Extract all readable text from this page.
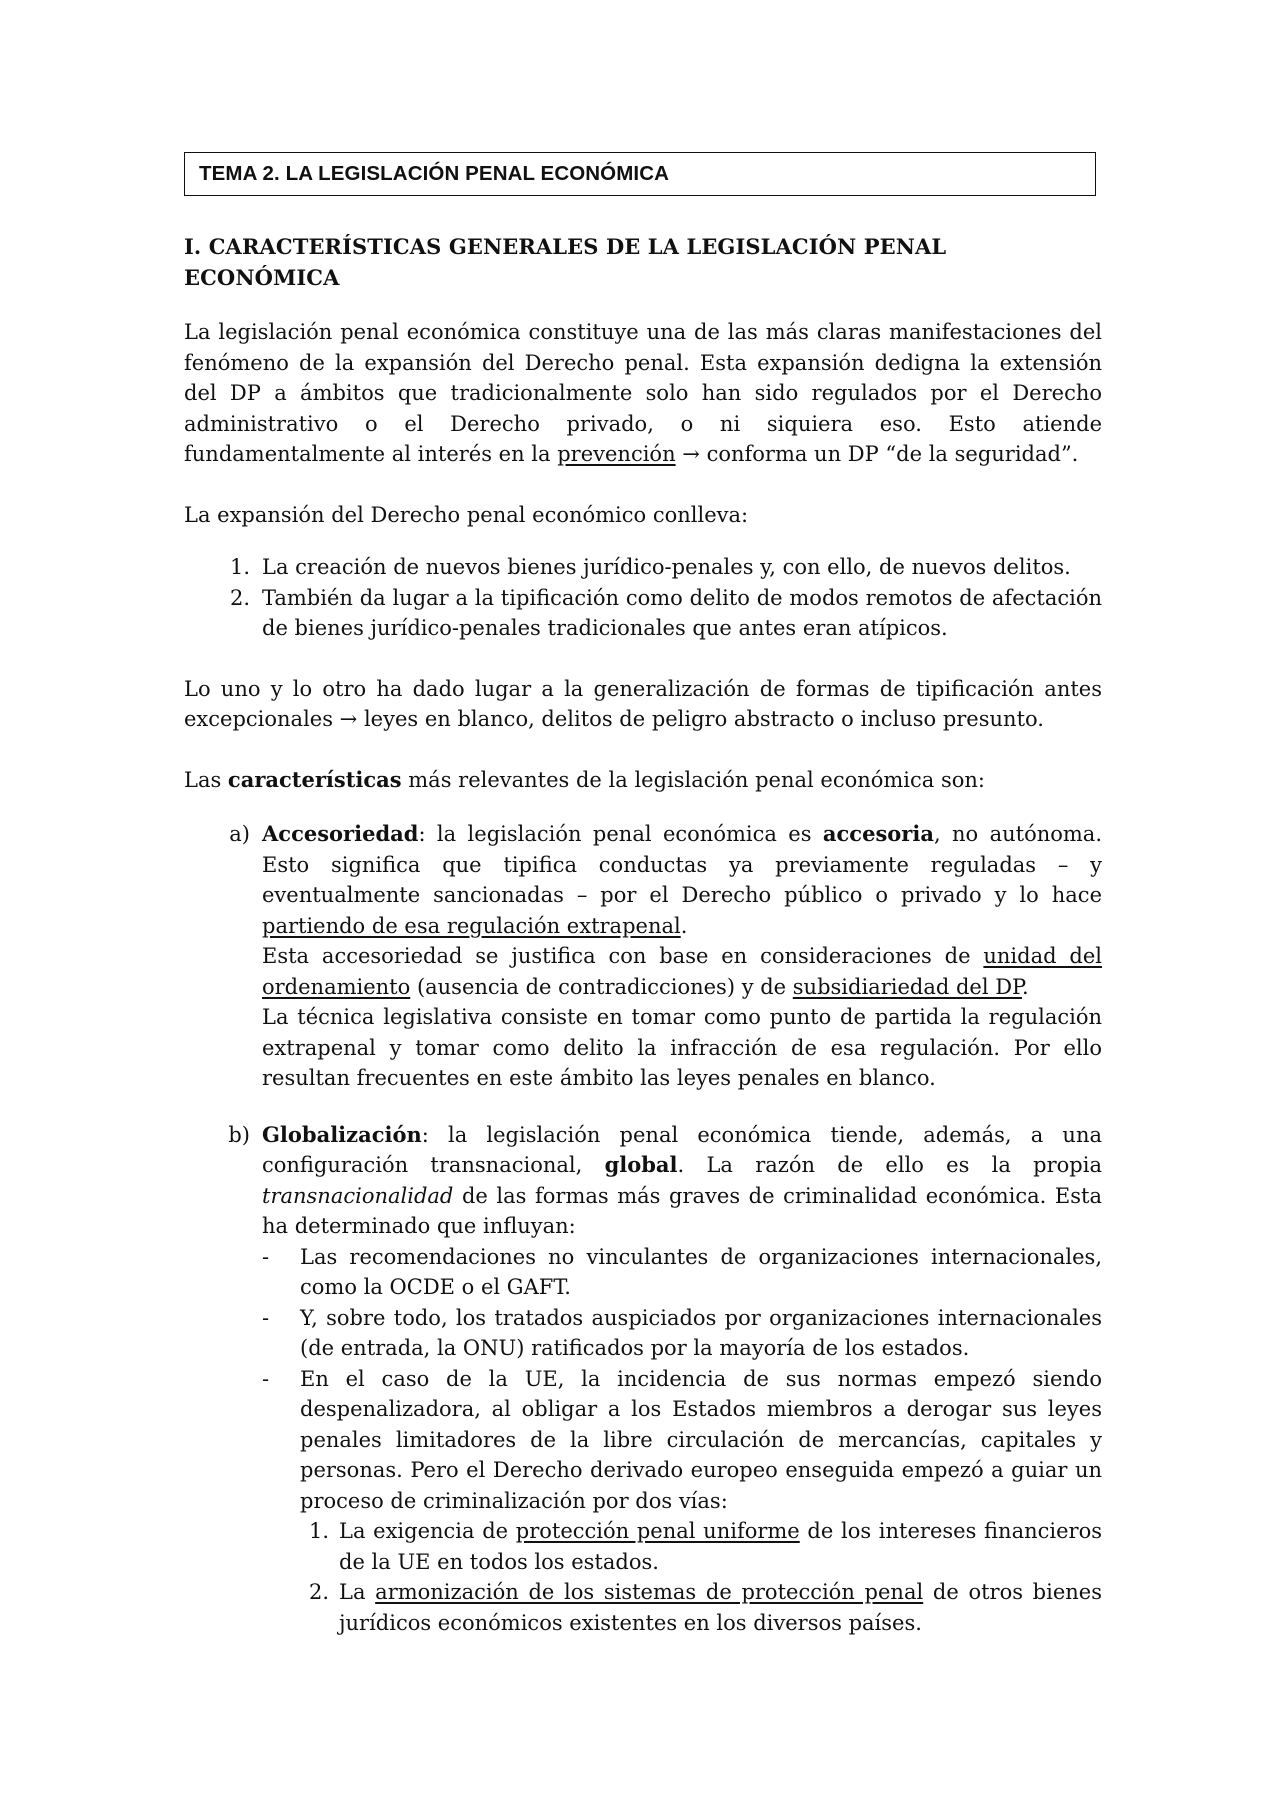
TEMA 2. LA LEGISLACIÓN PENAL ECONÓMICA
I. CARACTERÍSTICAS GENERALES DE LA LEGISLACIÓN PENAL ECONÓMICA

La legislación penal económica constituye una de las más claras manifestaciones del fenómeno de la expansión del Derecho penal. Esta expansión dedigna la extensión del DP a ámbitos que tradicionalmente solo han sido regulados por el Derecho administrativo o el Derecho privado, o ni siquiera eso. Esto atiende fundamentalmente al interés en la prevención → conforma un DP “de la seguridad”.

La expansión del Derecho penal económico conlleva:

1. La creación de nuevos bienes jurídico-penales y, con ello, de nuevos delitos.
2. También da lugar a la tipificación como delito de modos remotos de afectación de bienes jurídico-penales tradicionales que antes eran atípicos.

Lo uno y lo otro ha dado lugar a la generalización de formas de tipificación antes excepcionales → leyes en blanco, delitos de peligro abstracto o incluso presunto.

Las características más relevantes de la legislación penal económica son:

a) Accesoriedad: la legislación penal económica es accesoria, no autónoma. Esto significa que tipifica conductas ya previamente reguladas – y eventualmente sancionadas – por el Derecho público o privado y lo hace partiendo de esa regulación extrapenal.

Esta accesoriedad se justifica con base en consideraciones de unidad del ordenamiento (ausencia de contradicciones) y de subsidiariedad del DP.

La técnica legislativa consiste en tomar como punto de partida la regulación extrapenal y tomar como delito la infracción de esa regulación. Por ello resultan frecuentes en este ámbito las leyes penales en blanco.

b) Globalización: la legislación penal económica tiende, además, a una configuración transnacional, global. La razón de ello es la propia transnacionalidad de las formas más graves de criminalidad económica. Esta ha determinado que influyan:

-	Las recomendaciones no vinculantes de organizaciones internacionales, como la OCDE o el GAFT.
-	Y, sobre todo, los tratados auspiciados por organizaciones internacionales (de entrada, la ONU) ratificados por la mayoría de los estados.
-	En el caso de la UE, la incidencia de sus normas empezó siendo despenalizadora, al obligar a los Estados miembros a derogar sus leyes penales limitadores de la libre circulación de mercancías, capitales y personas. Pero el Derecho derivado europeo enseguida empezó a guiar un proceso de criminalización por dos vías:

1. La exigencia de protección penal uniforme de los intereses financieros de la UE en todos los estados.
2. La armonización de los sistemas de protección penal de otros bienes jurídicos económicos existentes en los diversos países.
